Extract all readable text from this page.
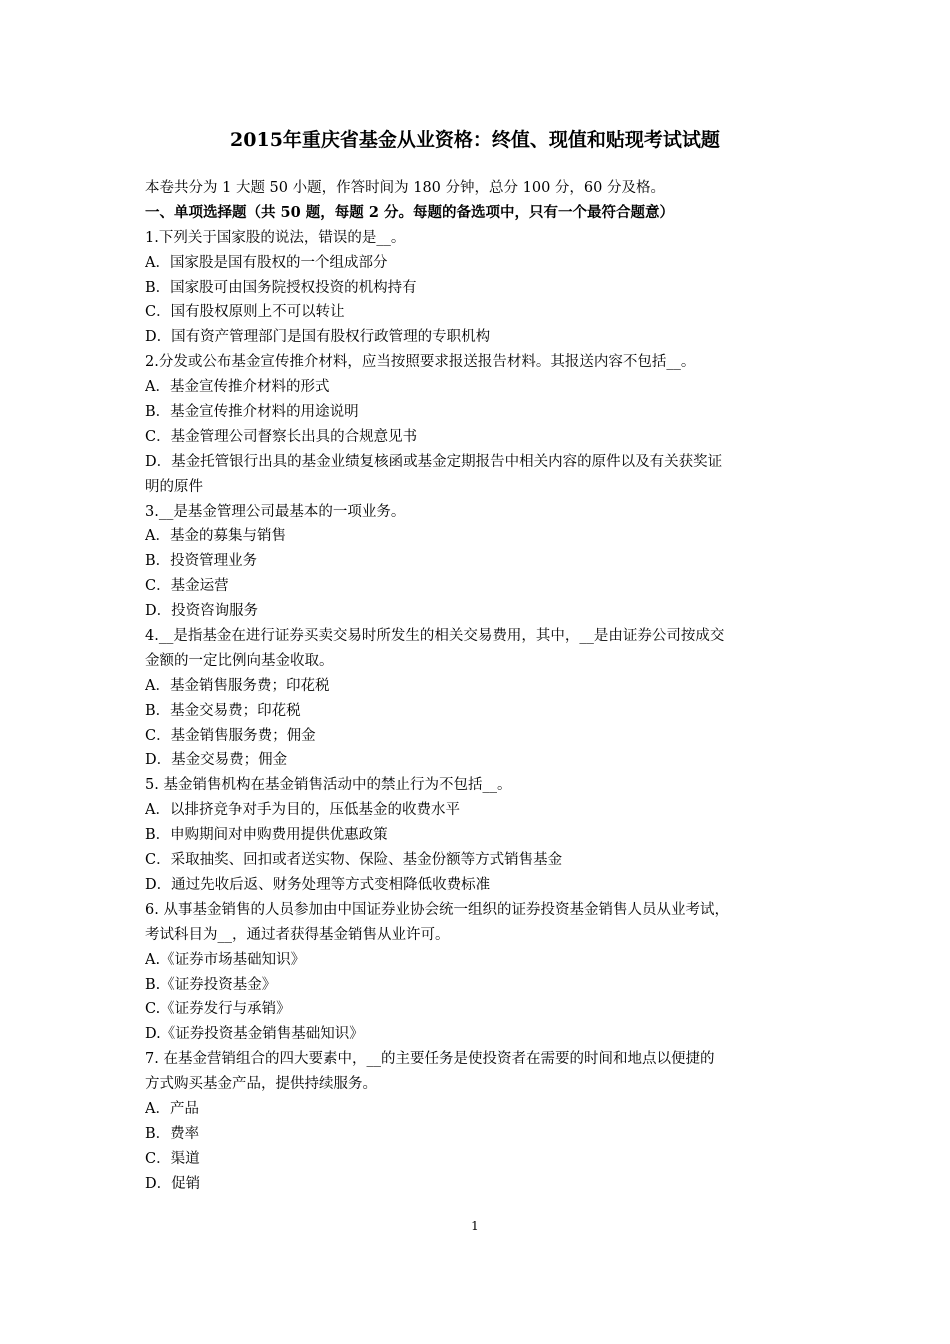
2015年重庆省基金从业资格：终值、现值和贴现考试试题
本卷共分为 1 大题 50 小题，作答时间为 180 分钟，总分 100 分，60 分及格。
一、单项选择题（共 50 题，每题 2 分。每题的备选项中，只有一个最符合题意）
1.下列关于国家股的说法，错误的是__。
A．国家股是国有股权的一个组成部分
B．国家股可由国务院授权投资的机构持有
C．国有股权原则上不可以转让
D．国有资产管理部门是国有股权行政管理的专职机构
2.分发或公布基金宣传推介材料，应当按照要求报送报告材料。其报送内容不包括__。
A．基金宣传推介材料的形式
B．基金宣传推介材料的用途说明
C．基金管理公司督察长出具的合规意见书
D．基金托管银行出具的基金业绩复核函或基金定期报告中相关内容的原件以及有关获奖证
明的原件
3.__是基金管理公司最基本的一项业务。
A．基金的募集与销售
B．投资管理业务
C．基金运营
D．投资咨询服务
4.__是指基金在进行证券买卖交易时所发生的相关交易费用，其中，__是由证券公司按成交
金额的一定比例向基金收取。
A．基金销售服务费；印花税
B．基金交易费；印花税
C．基金销售服务费；佣金
D．基金交易费；佣金
5. 基金销售机构在基金销售活动中的禁止行为不包括__。
A．以排挤竞争对手为目的，压低基金的收费水平
B．申购期间对申购费用提供优惠政策
C．采取抽奖、回扣或者送实物、保险、基金份额等方式销售基金
D．通过先收后返、财务处理等方式变相降低收费标准
6. 从事基金销售的人员参加由中国证券业协会统一组织的证券投资基金销售人员从业考试，
考试科目为__，通过者获得基金销售从业许可。
A.《证券市场基础知识》
B.《证券投资基金》
C.《证券发行与承销》
D.《证券投资基金销售基础知识》
7. 在基金营销组合的四大要素中，__的主要任务是使投资者在需要的时间和地点以便捷的
方式购买基金产品，提供持续服务。
A．产品
B．费率
C．渠道
D．促销
1
